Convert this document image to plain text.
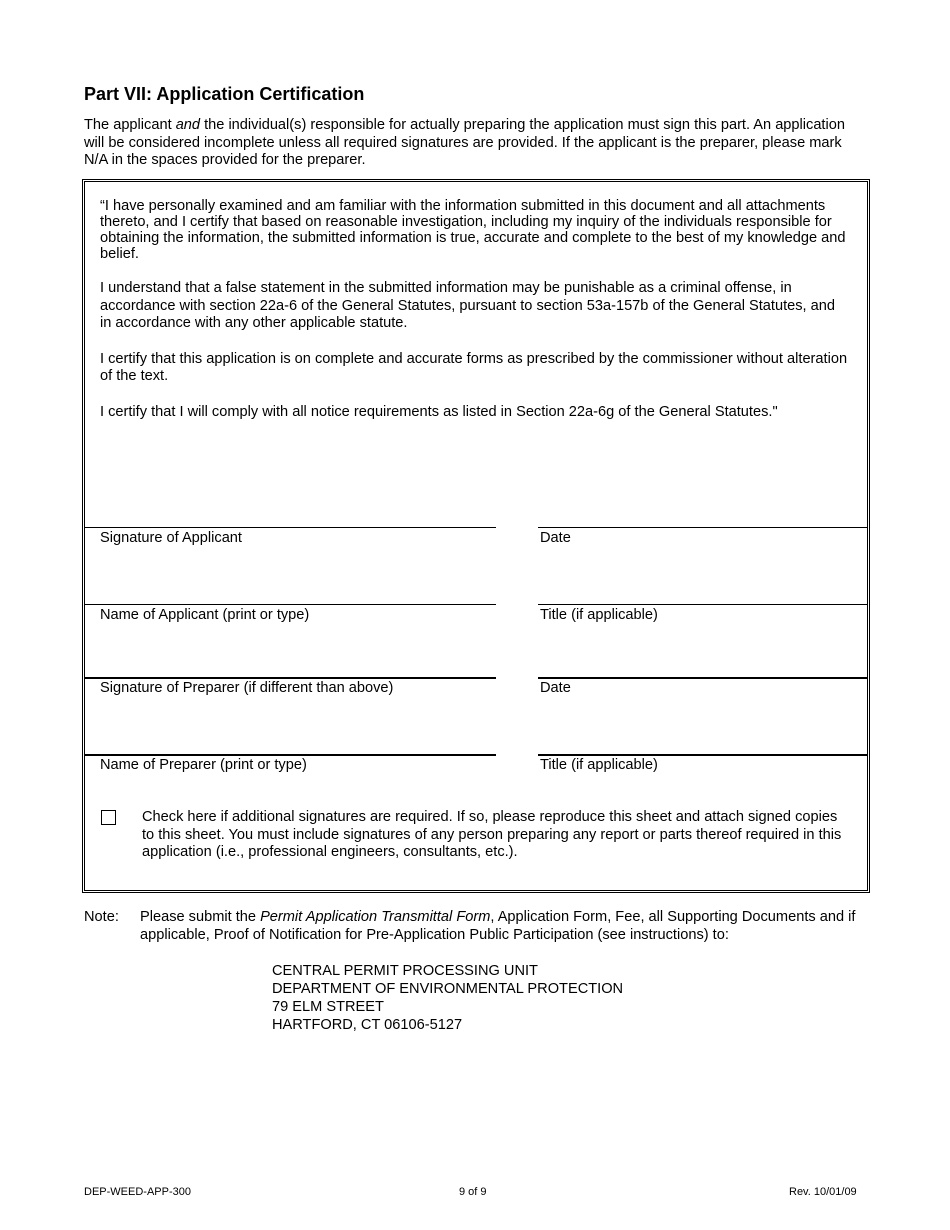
Part VII: Application Certification

The applicant and the individual(s) responsible for actually preparing the application must sign this part. An application will be considered incomplete unless all required signatures are provided. If the applicant is the preparer, please mark N/A in the spaces provided for the preparer.

“I have personally examined and am familiar with the information submitted in this document and all attachments thereto, and I certify that based on reasonable investigation, including my inquiry of the individuals responsible for obtaining the information, the submitted information is true, accurate and complete to the best of my knowledge and belief.

I understand that a false statement in the submitted information may be punishable as a criminal offense, in accordance with section 22a-6 of the General Statutes, pursuant to section 53a-157b of the General Statutes, and in accordance with any other applicable statute.

I certify that this application is on complete and accurate forms as prescribed by the commissioner without alteration of the text.

I certify that I will comply with all notice requirements as listed in Section 22a-6g of the General Statutes."

Signature of Applicant	Date
Name of Applicant (print or type)	Title (if applicable)
Signature of Preparer (if different than above)	Date
Name of Preparer (print or type)	Title (if applicable)
Check here if additional signatures are required. If so, please reproduce this sheet and attach signed copies to this sheet. You must include signatures of any person preparing any report or parts thereof required in this application (i.e., professional engineers, consultants, etc.).
Note: Please submit the Permit Application Transmittal Form, Application Form, Fee, all Supporting Documents and if applicable, Proof of Notification for Pre-Application Public Participation (see instructions) to:
CENTRAL PERMIT PROCESSING UNIT
DEPARTMENT OF ENVIRONMENTAL PROTECTION
79 ELM STREET
HARTFORD, CT 06106-5127
DEP-WEED-APP-300	9 of 9	Rev. 10/01/09
